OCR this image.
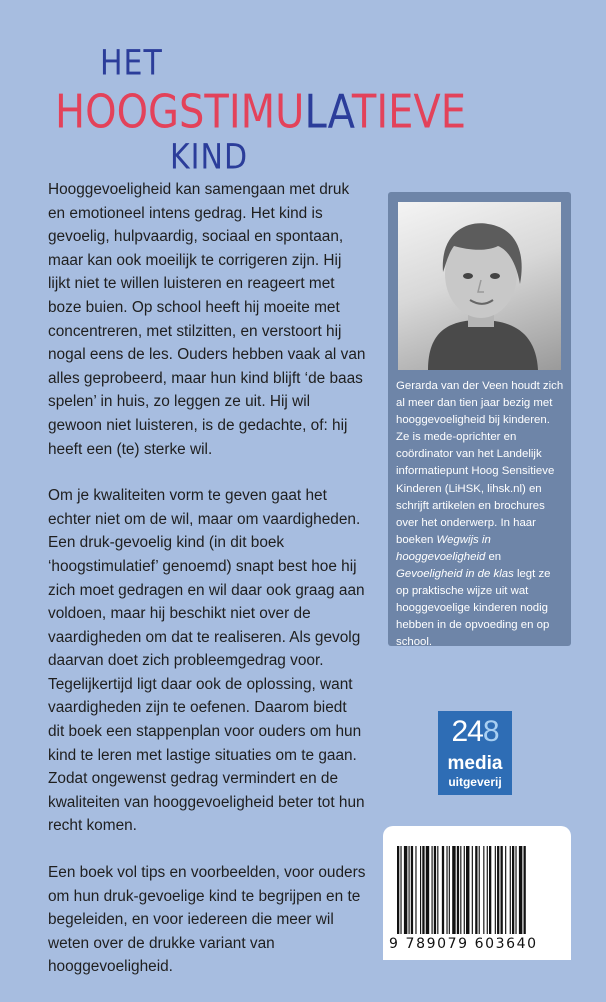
HET
HOOGSTIMULATIEVE
KIND

Hooggevoeligheid kan samengaan met druk en emotioneel intens gedrag. Het kind is gevoelig, hulpvaardig, sociaal en spontaan, maar kan ook moeilijk te corrigeren zijn. Hij lijkt niet te willen luisteren en reageert met boze buien. Op school heeft hij moeite met concentreren, met stilzitten, en verstoort hij nogal eens de les. Ouders hebben vaak al van alles geprobeerd, maar hun kind blijft ‘de baas spelen’ in huis, zo leggen ze uit. Hij wil gewoon niet luisteren, is de gedachte, of: hij heeft een (te) sterke wil.

Om je kwaliteiten vorm te geven gaat het echter niet om de wil, maar om vaardigheden. Een druk-gevoelig kind (in dit boek ‘hoogstimulatief’ genoemd) snapt best hoe hij zich moet gedragen en wil daar ook graag aan voldoen, maar hij beschikt niet over de vaardigheden om dat te realiseren. Als gevolg daarvan doet zich probleemgedrag voor. Tegelijkertijd ligt daar ook de oplossing, want vaardigheden zijn te oefenen. Daarom biedt dit boek een stappenplan voor ouders om hun kind te leren met lastige situaties om te gaan. Zodat ongewenst gedrag vermindert en de kwaliteiten van hooggevoeligheid beter tot hun recht komen.

Een boek vol tips en voorbeelden, voor ouders om hun druk-gevoelige kind te begrijpen en te begeleiden, en voor iedereen die meer wil weten over de drukke variant van hooggevoeligheid.

Gerarda van der Veen houdt zich al meer dan tien jaar bezig met hooggevoeligheid bij kinderen. Ze is mede-oprichter en coördinator van het Landelijk informatiepunt Hoog Sensitieve Kinderen (LiHSK, lihsk.nl) en schrijft artikelen en brochures over het onderwerp. In haar boeken Wegwijs in hooggevoeligheid en Gevoeligheid in de klas legt ze op praktische wijze uit wat hooggevoelige kinderen nodig hebben in de opvoeding en op school.

248
media
uitgeverij
9 789079 603640
